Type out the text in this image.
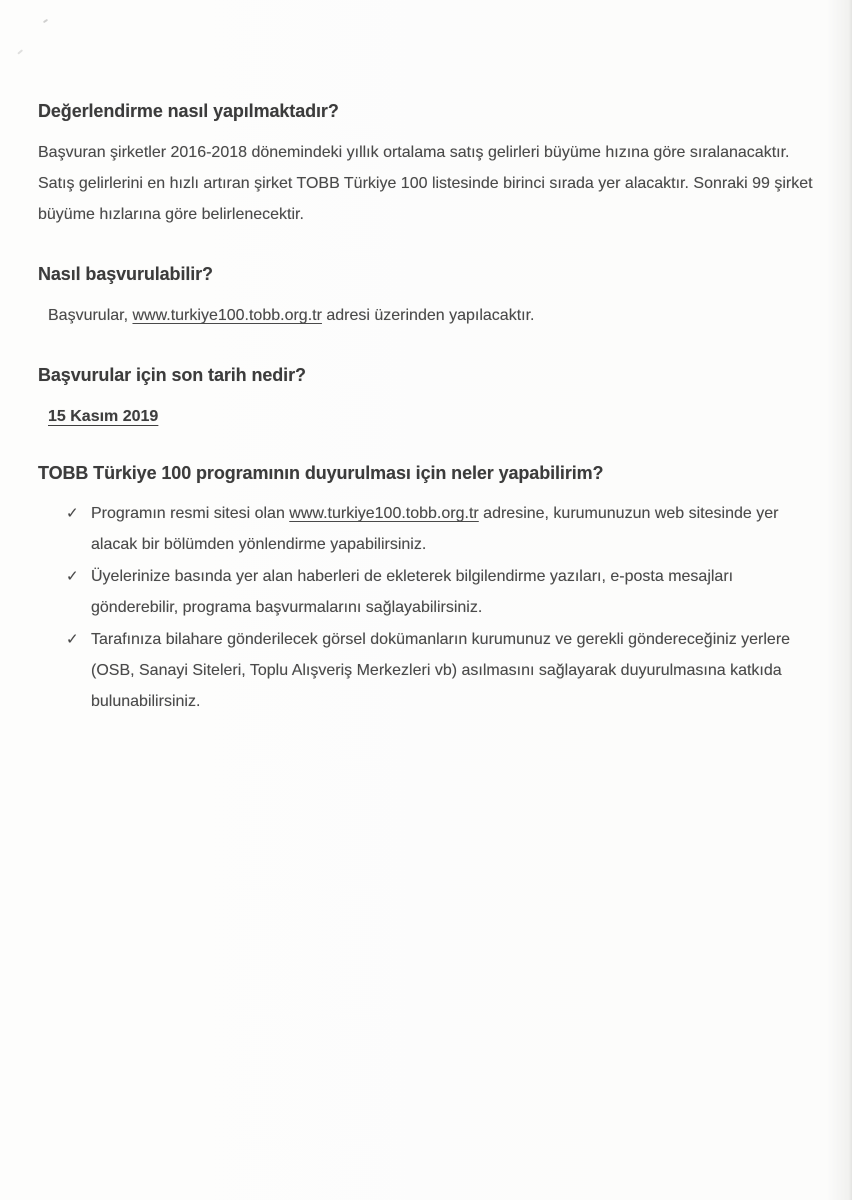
Değerlendirme nasıl yapılmaktadır?

Başvuran şirketler 2016-2018 dönemindeki yıllık ortalama satış gelirleri büyüme hızına göre sıralanacaktır. Satış gelirlerini en hızlı artıran şirket TOBB Türkiye 100 listesinde birinci sırada yer alacaktır. Sonraki 99 şirket büyüme hızlarına göre belirlenecektir.

Nasıl başvurulabilir?

Başvurular, www.turkiye100.tobb.org.tr adresi üzerinden yapılacaktır.

Başvurular için son tarih nedir?
15 Kasım 2019
TOBB Türkiye 100 programının duyurulması için neler yapabilirim?
✓ Programın resmi sitesi olan www.turkiye100.tobb.org.tr adresine, kurumunuzun web sitesinde yer alacak bir bölümden yönlendirme yapabilirsiniz.
✓ Üyelerinize basında yer alan haberleri de ekleterek bilgilendirme yazıları, e-posta mesajları gönderebilir, programa başvurmalarını sağlayabilirsiniz.
✓ Tarafınıza bilahare gönderilecek görsel dokümanların kurumunuz ve gerekli göndereceğiniz yerlere (OSB, Sanayi Siteleri, Toplu Alışveriş Merkezleri vb) asılmasını sağlayarak duyurulmasına katkıda bulunabilirsiniz.
